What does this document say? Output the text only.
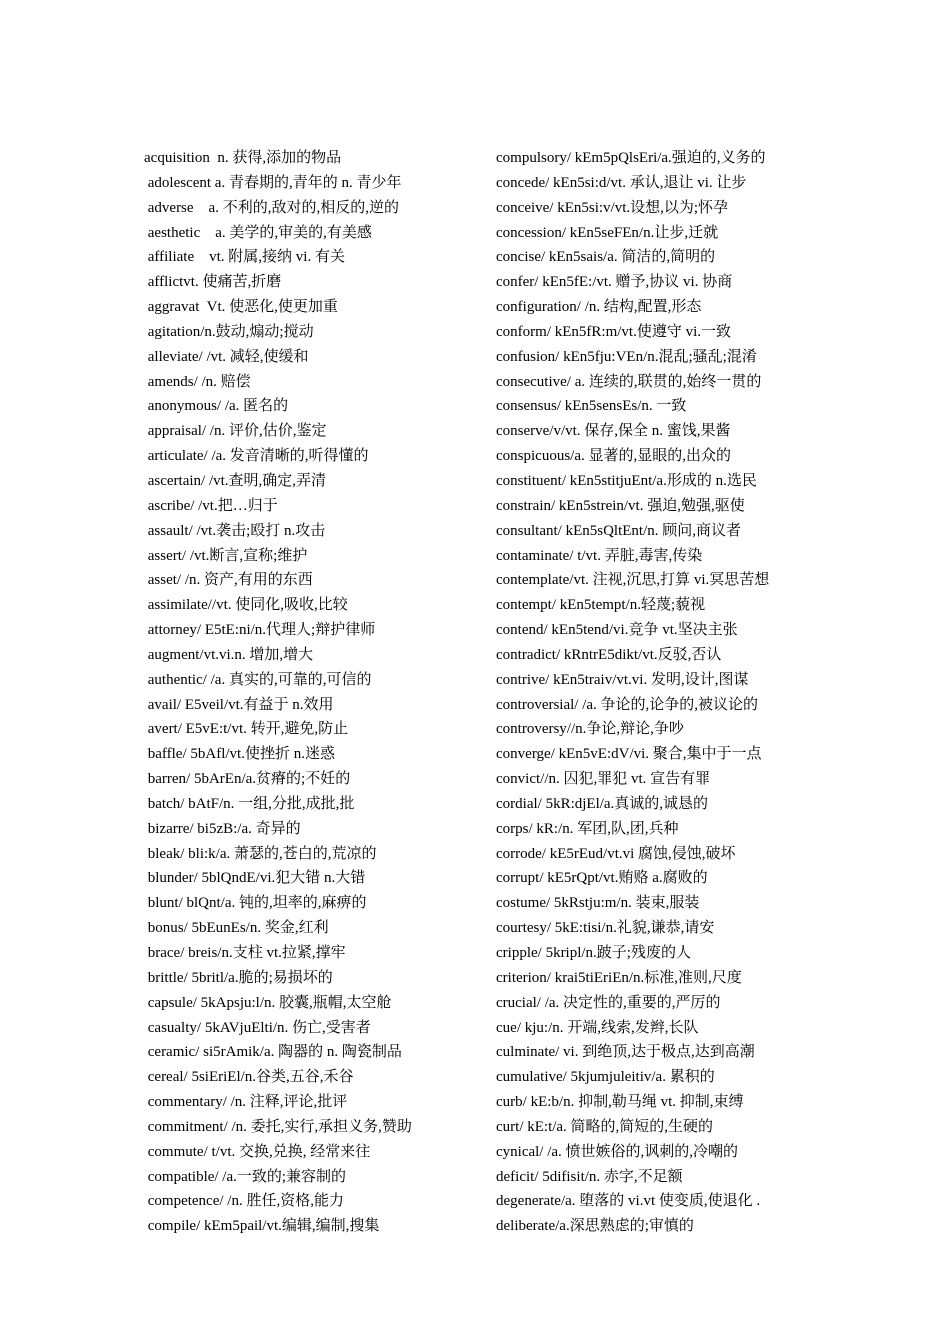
acquisition  n. 获得,添加的物品
adolescent a. 青春期的,青年的 n. 青少年
adverse    a. 不利的,敌对的,相反的,逆的
aesthetic    a. 美学的,审美的,有美感
affiliate    vt. 附属,接纳 vi. 有关
afflictvt. 使痛苦,折磨
aggravat  Vt. 使恶化,使更加重
agitation/n.鼓动,煽动;搅动
alleviate/ /vt. 减轻,使缓和
amends/ /n. 赔偿
anonymous/ /a. 匿名的
appraisal/ /n. 评价,估价,鉴定
articulate/ /a. 发音清晰的,听得懂的
ascertain/ /vt.查明,确定,弄清
ascribe/ /vt.把…归于
assault/ /vt.袭击;殴打 n.攻击
assert/ /vt.断言,宣称;维护
asset/ /n. 资产,有用的东西
assimilate//vt. 使同化,吸收,比较
attorney/ E5tE:ni/n.代理人;辩护律师
augment/vt.vi.n. 增加,增大
authentic/ /a. 真实的,可靠的,可信的
avail/ E5veil/vt.有益于 n.效用
avert/ E5vE:t/vt. 转开,避免,防止
baffle/ 5bAfl/vt.使挫折 n.迷惑
barren/ 5bArEn/a.贫瘠的;不妊的
batch/ bAtF/n. 一组,分批,成批,批
bizarre/ bi5zB:/a. 奇异的
bleak/ bli:k/a. 萧瑟的,苍白的,荒凉的
blunder/ 5blQndE/vi.犯大错 n.大错
blunt/ blQnt/a. 钝的,坦率的,麻痹的
bonus/ 5bEunEs/n. 奖金,红利
brace/ breis/n.支柱 vt.拉紧,撑牢
brittle/ 5britl/a.脆的;易损坏的
capsule/ 5kApsju:l/n. 胶囊,瓶帽,太空舱
casualty/ 5kAVjuElti/n. 伤亡,受害者
ceramic/ si5rAmik/a. 陶器的 n. 陶瓷制品
cereal/ 5siEriEl/n.谷类,五谷,禾谷
commentary/ /n. 注释,评论,批评
commitment/ /n. 委托,实行,承担义务,赞助
commute/ t/vt. 交换,兑换, 经常来往
compatible/ /a.一致的;兼容制的
competence/ /n. 胜任,资格,能力
compile/ kEm5pail/vt.编辑,编制,搜集
compulsory/ kEm5pQlsEri/a.强迫的,义务的
concede/ kEn5si:d/vt. 承认,退让 vi. 让步
conceive/ kEn5si:v/vt.设想,以为;怀孕
concession/ kEn5seFEn/n.让步,迁就
concise/ kEn5sais/a. 简洁的,简明的
confer/ kEn5fE:/vt. 赠予,协议 vi. 协商
configuration/ /n. 结构,配置,形态
conform/ kEn5fR:m/vt.使遵守 vi.一致
confusion/ kEn5fju:VEn/n.混乱;骚乱;混淆
consecutive/ a. 连续的,联贯的,始终一贯的
consensus/ kEn5sensEs/n. 一致
conserve/v/vt. 保存,保全 n. 蜜饯,果酱
conspicuous/a. 显著的,显眼的,出众的
constituent/ kEn5stitjuEnt/a.形成的 n.选民
constrain/ kEn5strein/vt. 强迫,勉强,驱使
consultant/ kEn5sQltEnt/n. 顾问,商议者
contaminate/ t/vt. 弄脏,毒害,传染
contemplate/vt. 注视,沉思,打算 vi.冥思苦想
contempt/ kEn5tempt/n.轻蔑;藐视
contend/ kEn5tend/vi.竞争 vt.坚决主张
contradict/ kRntrE5dikt/vt.反驳,否认
contrive/ kEn5traiv/vt.vi. 发明,设计,图谋
controversial/ /a. 争论的,论争的,被议论的
controversy//n.争论,辩论,争吵
converge/ kEn5vE:dV/vi. 聚合,集中于一点
convict//n. 囚犯,罪犯 vt. 宣告有罪
cordial/ 5kR:djEl/a.真诚的,诚恳的
corps/ kR:/n. 军团,队,团,兵种
corrode/ kE5rEud/vt.vi 腐蚀,侵蚀,破坏
corrupt/ kE5rQpt/vt.贿赂 a.腐败的
costume/ 5kRstju:m/n. 装束,服装
courtesy/ 5kE:tisi/n.礼貌,谦恭,请安
cripple/ 5kripl/n.跛子;残废的人
criterion/ krai5tiEriEn/n.标准,准则,尺度
crucial/ /a. 决定性的,重要的,严厉的
cue/ kju:/n. 开端,线索,发辫,长队
culminate/ vi. 到绝顶,达于极点,达到高潮
cumulative/ 5kjumjuleitiv/a. 累积的
curb/ kE:b/n. 抑制,勒马绳 vt. 抑制,束缚
curt/ kE:t/a. 简略的,简短的,生硬的
cynical/ /a. 愤世嫉俗的,讽刺的,冷嘲的
deficit/ 5difisit/n. 赤字,不足额
degenerate/a. 堕落的 vi.vt 使变质,使退化 .
deliberate/a.深思熟虑的;审慎的
